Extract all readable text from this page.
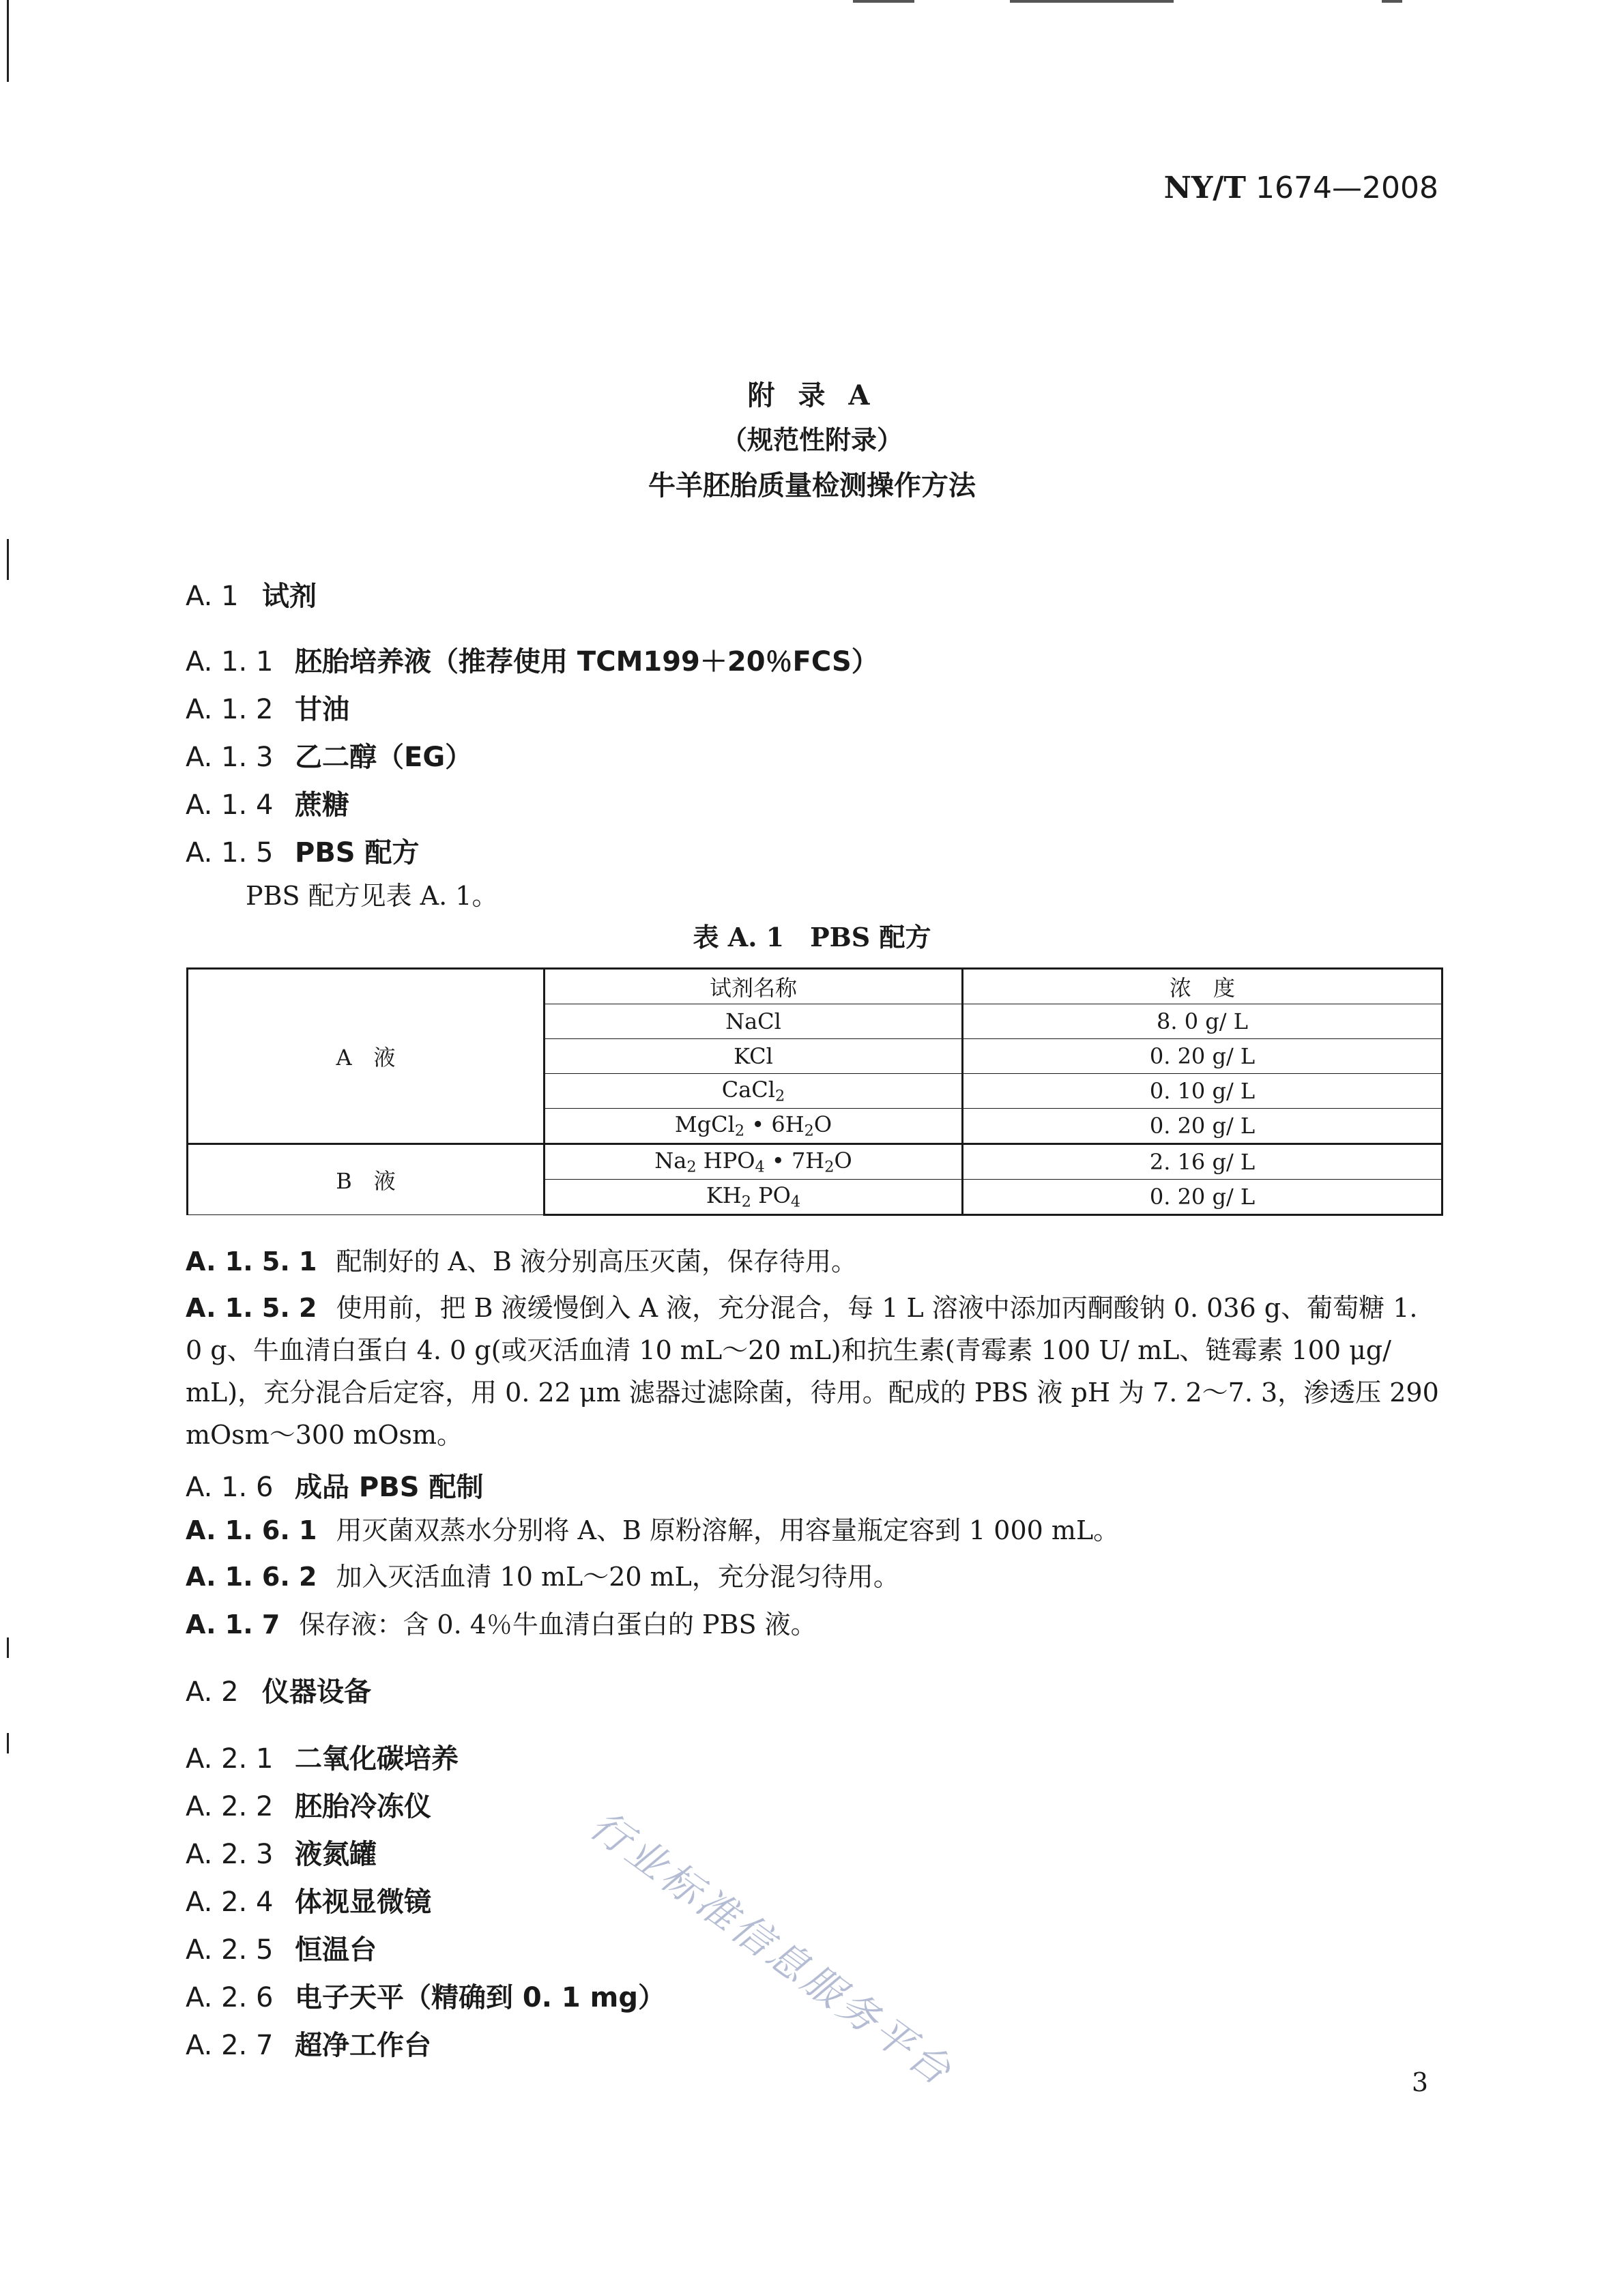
NY/T 1674—2008
附 录 A
（规范性附录）
牛羊胚胎质量检测操作方法
A. 1 试剂
A. 1. 1 胚胎培养液（推荐使用 TCM199＋20％FCS）
A. 1. 2 甘油
A. 1. 3 乙二醇（EG）
A. 1. 4 蔗糖
A. 1. 5 PBS 配方
PBS 配方见表 A. 1。
表 A. 1　PBS 配方
A　液	试剂名称	浓　度
	NaCl	8. 0 g/ L
	KCl	0. 20 g/ L
	CaCl$_2$	0. 10 g/ L
	MgCl$_2$ • $6H_2O$	0. 20 g/ L
B　液	$Na_2$ $HPO_4$ • $7H_2O$	2. 16 g/ L
	$KH_2$ $PO_4$	0. 20 g/ L
A. 1. 5. 1 配制好的 A、B 液分别高压灭菌，保存待用。
A. 1. 5. 2 使用前，把 B 液缓慢倒入 A 液，充分混合，每 1 L 溶液中添加丙酮酸钠 0. 036 g、葡萄糖 1. 0 g、牛血清白蛋白 4. 0 g(或灭活血清 10 mL～20 mL)和抗生素(青霉素 100 U/ mL、链霉素 100 μg/ mL)，充分混合后定容，用 0. 22 μm 滤器过滤除菌，待用。配成的 PBS 液 pH 为 7. 2～7. 3，渗透压 290 mOsm～300 mOsm。
A. 1. 6 成品 PBS 配制
A. 1. 6. 1 用灭菌双蒸水分别将 A、B 原粉溶解，用容量瓶定容到 1 000 mL。
A. 1. 6. 2 加入灭活血清 10 mL～20 mL，充分混匀待用。
A. 1. 7 保存液：含 0. 4％牛血清白蛋白的 PBS 液。
A. 2 仪器设备
A. 2. 1 二氧化碳培养
A. 2. 2 胚胎冷冻仪
A. 2. 3 液氮罐
A. 2. 4 体视显微镜
A. 2. 5 恒温台
A. 2. 6 电子天平（精确到 0. 1 mg）
A. 2. 7 超净工作台	行业标准信息服务平台	3
